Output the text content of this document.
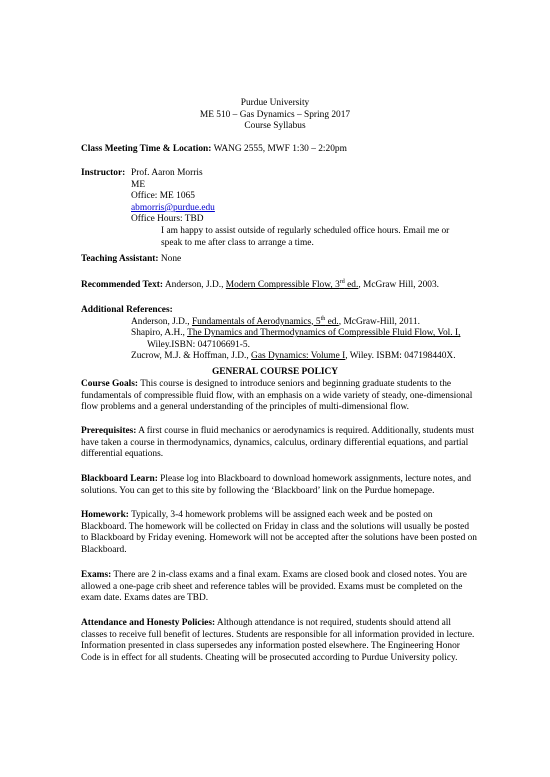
Purdue University
ME 510 – Gas Dynamics – Spring 2017
Course Syllabus
Class Meeting Time & Location: WANG 2555, MWF 1:30 – 2:20pm
Instructor: Prof. Aaron Morris
ME
Office: ME 1065
abmorris@purdue.edu
Office Hours: TBD
I am happy to assist outside of regularly scheduled office hours. Email me or
speak to me after class to arrange a time.
Teaching Assistant: None
Recommended Text: Anderson, J.D., Modern Compressible Flow, 3rd ed., McGraw Hill, 2003.
Additional References:
Anderson, J.D., Fundamentals of Aerodynamics, 5th ed., McGraw-Hill, 2011.
Shapiro, A.H., The Dynamics and Thermodynamics of Compressible Fluid Flow, Vol. I,
Wiley.ISBN: 047106691-5.
Zucrow, M.J. & Hoffman, J.D., Gas Dynamics: Volume I, Wiley. ISBM: 047198440X.
GENERAL COURSE POLICY
Course Goals: This course is designed to introduce seniors and beginning graduate students to the
fundamentals of compressible fluid flow, with an emphasis on a wide variety of steady, one-dimensional
flow problems and a general understanding of the principles of multi-dimensional flow.
Prerequisites: A first course in fluid mechanics or aerodynamics is required. Additionally, students must
have taken a course in thermodynamics, dynamics, calculus, ordinary differential equations, and partial
differential equations.
Blackboard Learn: Please log into Blackboard to download homework assignments, lecture notes, and
solutions. You can get to this site by following the ‘Blackboard’ link on the Purdue homepage.
Homework: Typically, 3-4 homework problems will be assigned each week and be posted on
Blackboard. The homework will be collected on Friday in class and the solutions will usually be posted
to Blackboard by Friday evening. Homework will not be accepted after the solutions have been posted on
Blackboard.
Exams: There are 2 in-class exams and a final exam. Exams are closed book and closed notes. You are
allowed a one-page crib sheet and reference tables will be provided. Exams must be completed on the
exam date. Exams dates are TBD.
Attendance and Honesty Policies: Although attendance is not required, students should attend all
classes to receive full benefit of lectures. Students are responsible for all information provided in lecture.
Information presented in class supersedes any information posted elsewhere. The Engineering Honor
Code is in effect for all students. Cheating will be prosecuted according to Purdue University policy.
